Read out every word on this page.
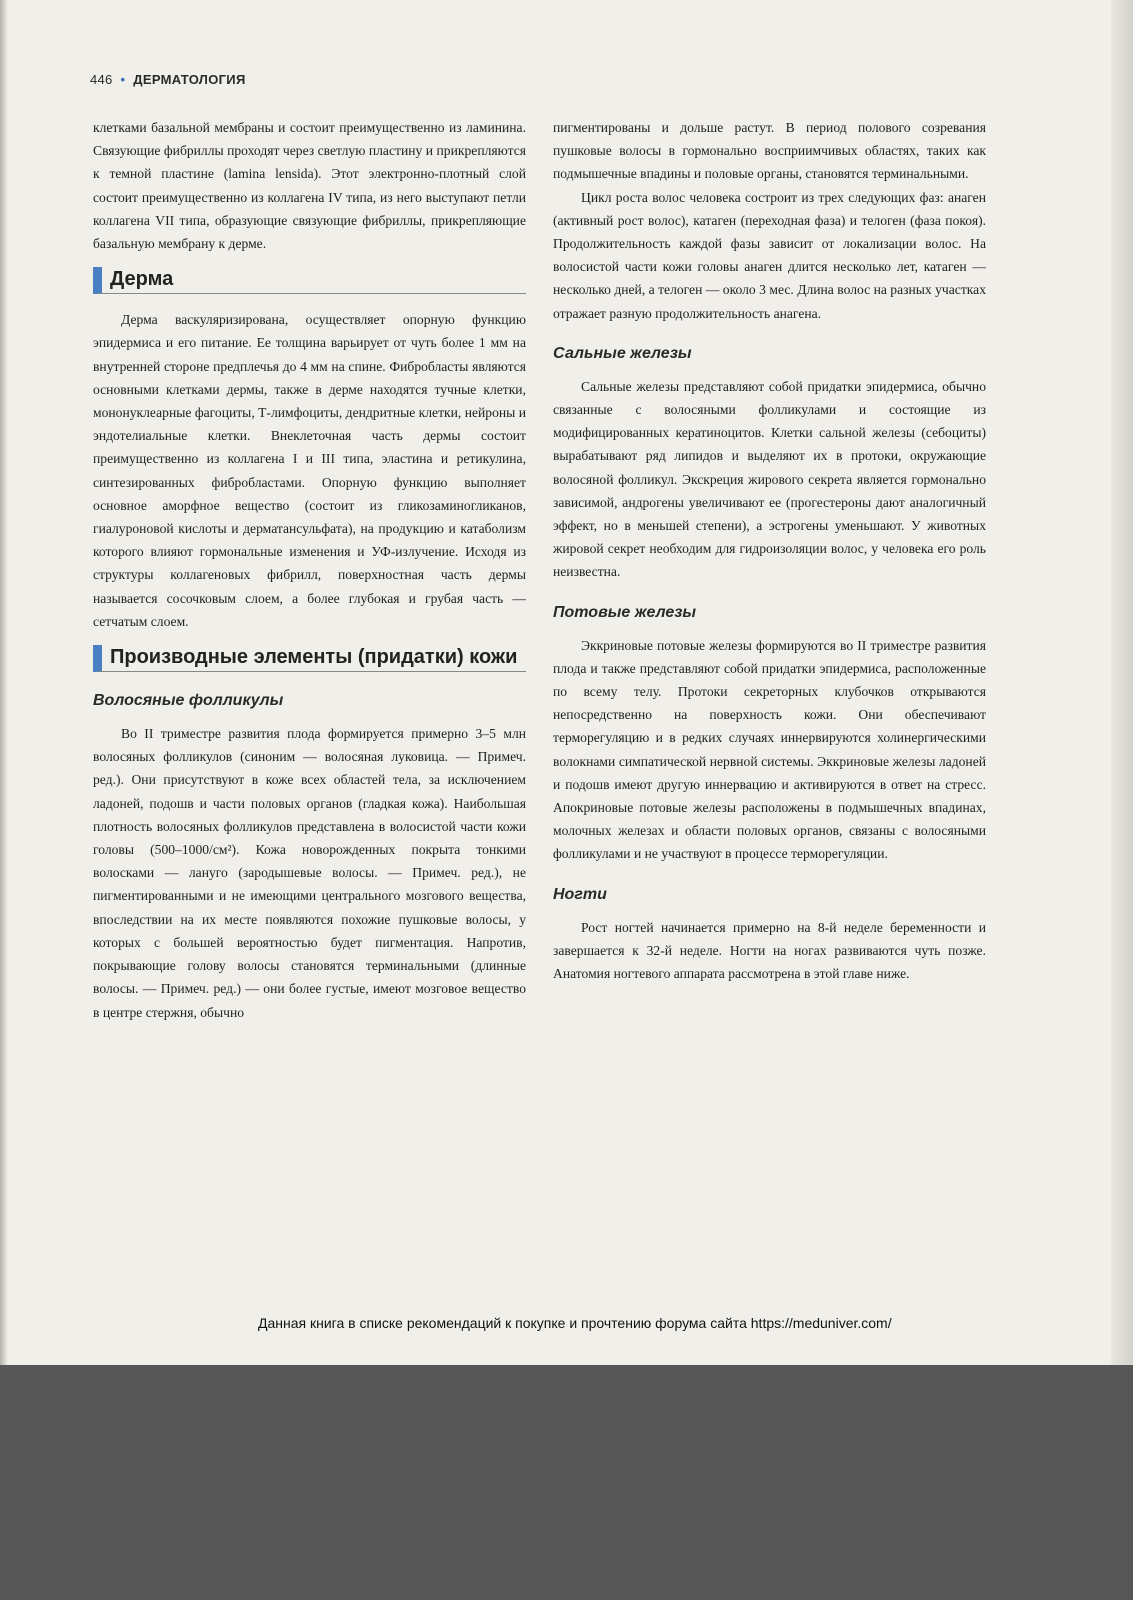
446 • ДЕРМАТОЛОГИЯ

клетками базальной мембраны и состоит преимущественно из ламинина. Связующие фибриллы проходят через светлую пластину и прикрепляются к темной пластине (lamina lensida). Этот электронно-плотный слой состоит преимущественно из коллагена IV типа, из него выступают петли коллагена VII типа, образующие связующие фибриллы, прикрепляющие базальную мембрану к дерме.

Дерма

Дерма васкуляризирована, осуществляет опорную функцию эпидермиса и его питание. Ее толщина варьирует от чуть более 1 мм на внутренней стороне предплечья до 4 мм на спине. Фибробласты являются основными клетками дермы, также в дерме находятся тучные клетки, мононуклеарные фагоциты, Т-лимфоциты, дендритные клетки, нейроны и эндотелиальные клетки. Внеклеточная часть дермы состоит преимущественно из коллагена I и III типа, эластина и ретикулина, синтезированных фибробластами. Опорную функцию выполняет основное аморфное вещество (состоит из гликозаминогликанов, гиалуроновой кислоты и дерматансульфата), на продукцию и катаболизм которого влияют гормональные изменения и УФ-излучение. Исходя из структуры коллагеновых фибрилл, поверхностная часть дермы называется сосочковым слоем, а более глубокая и грубая часть — сетчатым слоем.

Производные элементы (придатки) кожи
Волосяные фолликулы

Во II триместре развития плода формируется примерно 3–5 млн волосяных фолликулов (синоним — волосяная луковица. — Примеч. ред.). Они присутствуют в коже всех областей тела, за исключением ладоней, подошв и части половых органов (гладкая кожа). Наибольшая плотность волосяных фолликулов представлена в волосистой части кожи головы (500–1000/см²). Кожа новорожденных покрыта тонкими волосками — лануго (зародышевые волосы. — Примеч. ред.), не пигментированными и не имеющими центрального мозгового вещества, впоследствии на их месте появляются похожие пушковые волосы, у которых с большей вероятностью будет пигментация. Напротив, покрывающие голову волосы становятся терминальными (длинные волосы. — Примеч. ред.) — они более густые, имеют мозговое вещество в центре стержня, обычно

пигментированы и дольше растут. В период полового созревания пушковые волосы в гормонально восприимчивых областях, таких как подмышечные впадины и половые органы, становятся терминальными.

Цикл роста волос человека состроит из трех следующих фаз: анаген (активный рост волос), катаген (переходная фаза) и телоген (фаза покоя). Продолжительность каждой фазы зависит от локализации волос. На волосистой части кожи головы анаген длится несколько лет, катаген — несколько дней, а телоген — около 3 мес. Длина волос на разных участках отражает разную продолжительность анагена.

Сальные железы

Сальные железы представляют собой придатки эпидермиса, обычно связанные с волосяными фолликулами и состоящие из модифицированных кератиноцитов. Клетки сальной железы (себоциты) вырабатывают ряд липидов и выделяют их в протоки, окружающие волосяной фолликул. Экскреция жирового секрета является гормонально зависимой, андрогены увеличивают ее (прогестероны дают аналогичный эффект, но в меньшей степени), а эстрогены уменьшают. У животных жировой секрет необходим для гидроизоляции волос, у человека его роль неизвестна.

Потовые железы

Эккриновые потовые железы формируются во II триместре развития плода и также представляют собой придатки эпидермиса, расположенные по всему телу. Протоки секреторных клубочков открываются непосредственно на поверхность кожи. Они обеспечивают терморегуляцию и в редких случаях иннервируются холинергическими волокнами симпатической нервной системы. Эккриновые железы ладоней и подошв имеют другую иннервацию и активируются в ответ на стресс. Апокриновые потовые железы расположены в подмышечных впадинах, молочных железах и области половых органов, связаны с волосяными фолликулами и не участвуют в процессе терморегуляции.

Ногти

Рост ногтей начинается примерно на 8-й неделе беременности и завершается к 32-й неделе. Ногти на ногах развиваются чуть позже. Анатомия ногтевого аппарата рассмотрена в этой главе ниже.

Данная книга в списке рекомендаций к покупке и прочтению форума сайта https://meduniver.com/
